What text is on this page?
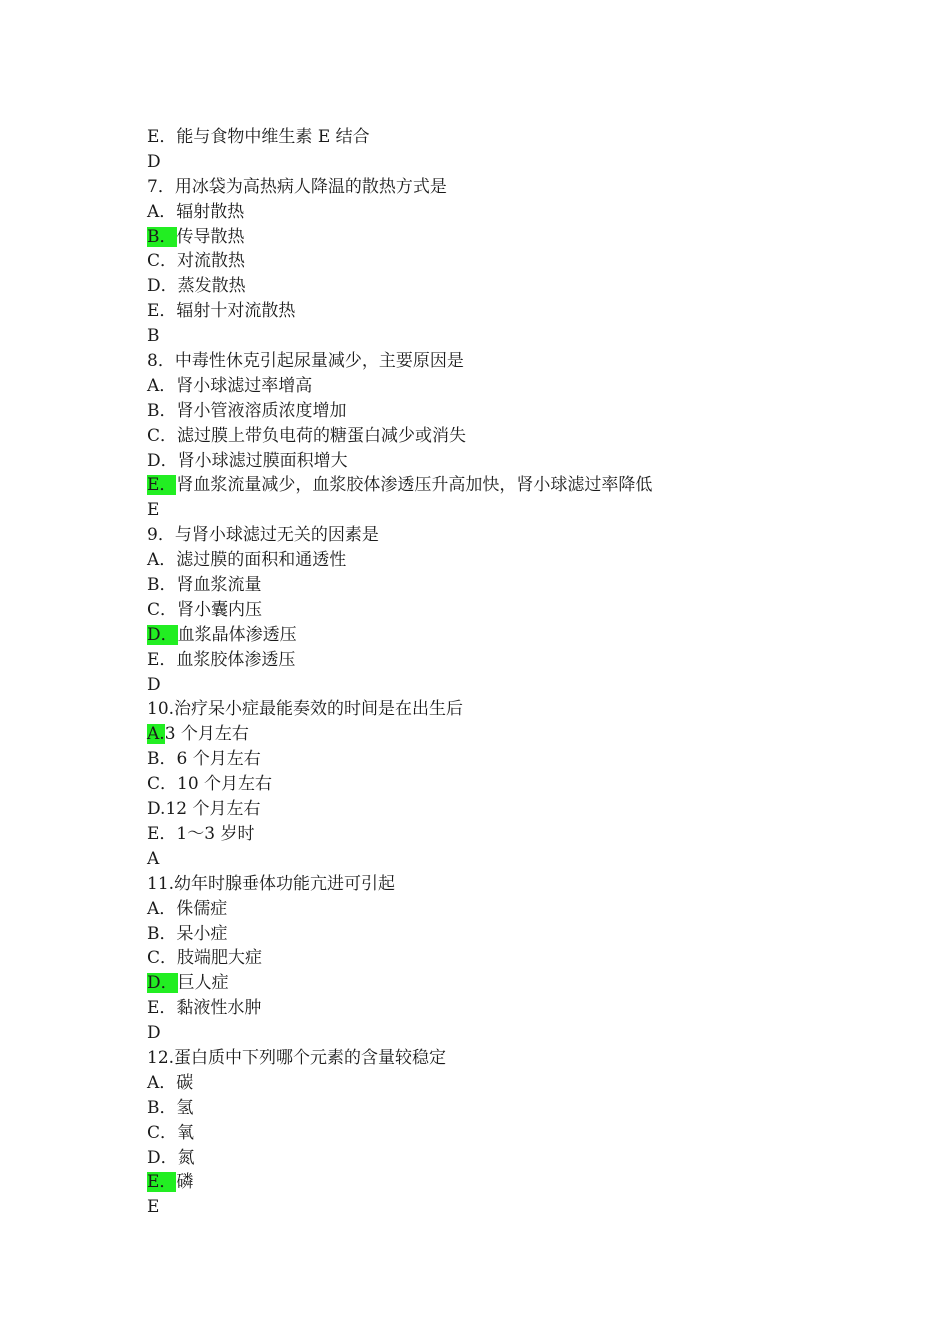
E．能与食物中维生素 E 结合
D
7．用冰袋为高热病人降温的散热方式是
A．辐射散热
B．传导散热
C．对流散热
D．蒸发散热
E．辐射十对流散热
B
8．中毒性休克引起尿量减少，主要原因是
A．肾小球滤过率增高
B．肾小管液溶质浓度增加
C．滤过膜上带负电荷的糖蛋白减少或消失
D．肾小球滤过膜面积增大
E．肾血浆流量减少，血浆胶体渗透压升高加快，肾小球滤过率降低
E
9．与肾小球滤过无关的因素是
A．滤过膜的面积和通透性
B．肾血浆流量
C．肾小囊内压
D．血浆晶体渗透压
E．血浆胶体渗透压
D
10.治疗呆小症最能奏效的时间是在出生后
A.3 个月左右
B．6 个月左右
C．10 个月左右
D.12 个月左右
E．1～3 岁时
A
11.幼年时腺垂体功能亢进可引起
A．侏儒症
B．呆小症
C．肢端肥大症
D．巨人症
E．黏液性水肿
D
12.蛋白质中下列哪个元素的含量较稳定
A．碳
B．氢
C．氧
D．氮
E．磷
E
